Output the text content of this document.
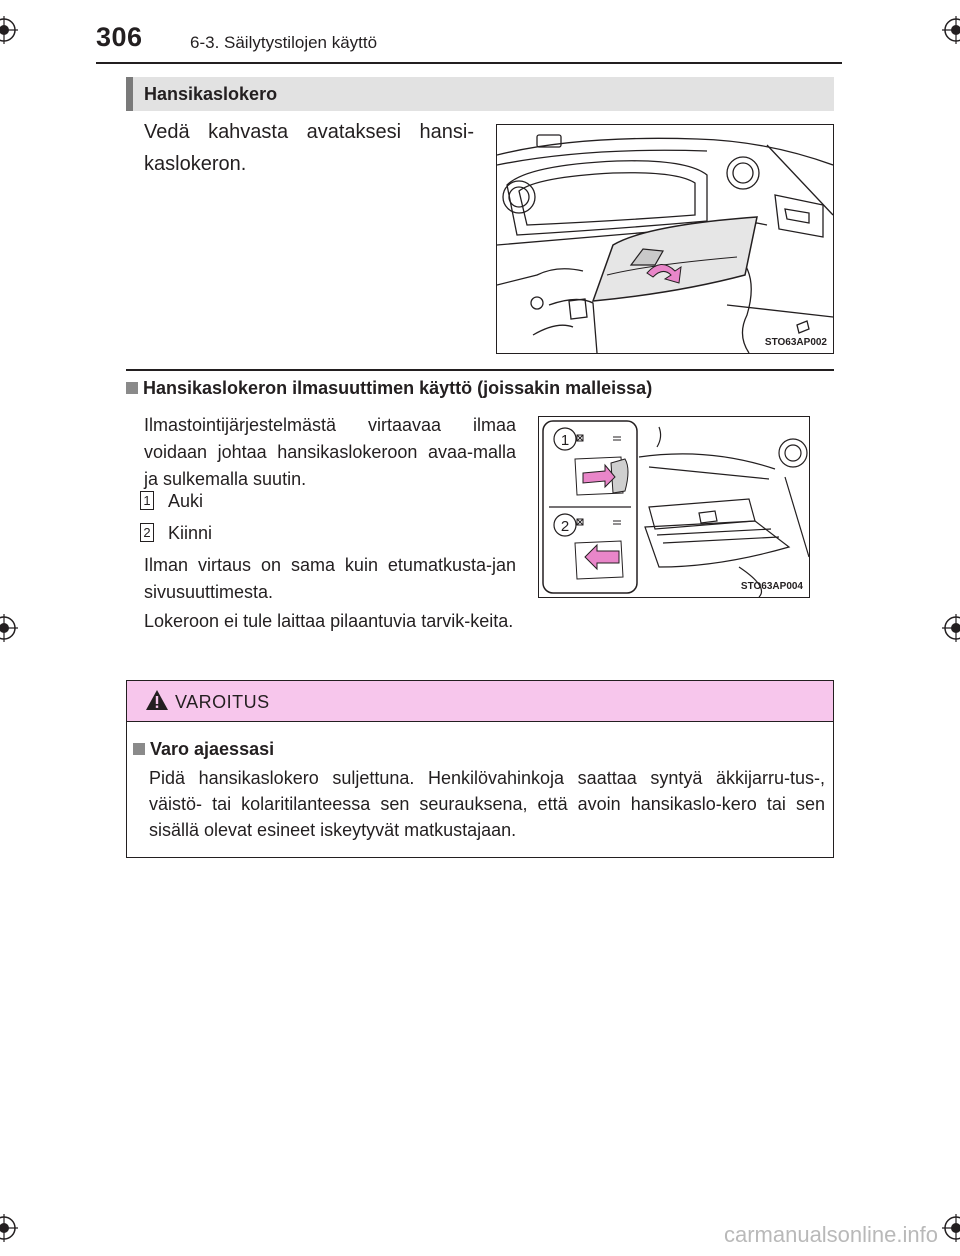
306	6-3. Säilytystilojen käyttö
Hansikaslokero
Vedä kahvasta avataksesi hansi-kaslokeron.
STO63AP002
Hansikaslokeron ilmasuuttimen käyttö (joissakin malleissa)
Ilmastointijärjestelmästä virtaavaa ilmaa voidaan johtaa hansikaslokeroon avaa-malla ja sulkemalla suutin.
1 Auki
2 Kiinni
Ilman virtaus on sama kuin etumatkusta-jan sivusuuttimesta.
Lokeroon ei tule laittaa pilaantuvia tarvik-keita.
1
2
STO63AP004
VAROITUS
Varo ajaessasi
Pidä hansikaslokero suljettuna. Henkilövahinkoja saattaa syntyä äkkijarru-tus-, väistö- tai kolaritilanteessa sen seurauksena, että avoin hansikaslo-kero tai sen sisällä olevat esineet iskeytyvät matkustajaan.
carmanualsonline.info
